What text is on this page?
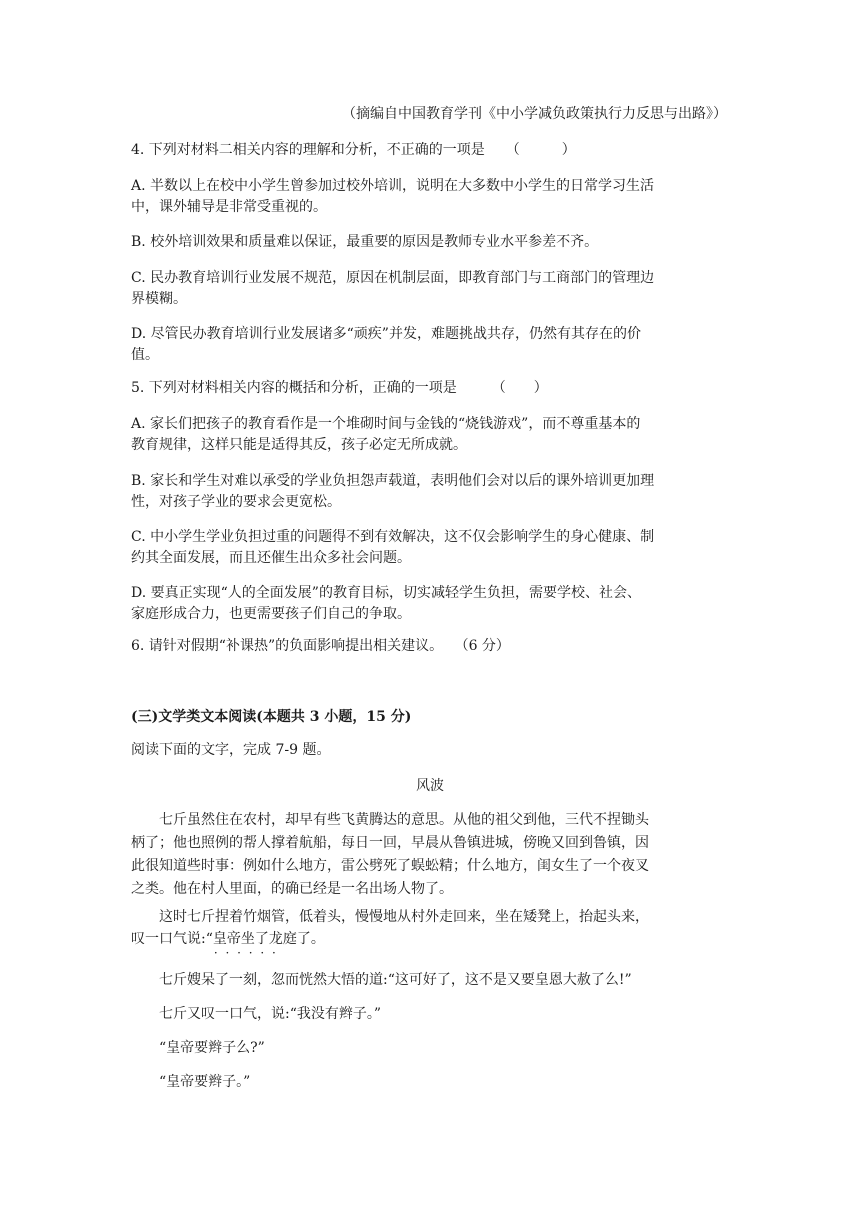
（摘编自中国教育学刊《中小学减负政策执行力反思与出路》）
4. 下列对材料二相关内容的理解和分析，不正确的一项是　　（　　　）
A. 半数以上在校中小学生曾参加过校外培训，说明在大多数中小学生的日常学习生活
中，课外辅导是非常受重视的。
B. 校外培训效果和质量难以保证，最重要的原因是教师专业水平参差不齐。
C. 民办教育培训行业发展不规范，原因在机制层面，即教育部门与工商部门的管理边
界模糊。
D. 尽管民办教育培训行业发展诸多“顽疾”并发，难题挑战共存，仍然有其存在的价
值。
5. 下列对材料相关内容的概括和分析，正确的一项是　　　（　　）
A. 家长们把孩子的教育看作是一个堆砌时间与金钱的“烧钱游戏”，而不尊重基本的
教育规律，这样只能是适得其反，孩子必定无所成就。
B. 家长和学生对难以承受的学业负担怨声载道，表明他们会对以后的课外培训更加理
性，对孩子学业的要求会更宽松。
C. 中小学生学业负担过重的问题得不到有效解决，这不仅会影响学生的身心健康、制
约其全面发展，而且还催生出众多社会问题。
D. 要真正实现“人的全面发展”的教育目标，切实减轻学生负担，需要学校、社会、
家庭形成合力，也更需要孩子们自己的争取。
6. 请针对假期“补课热”的负面影响提出相关建议。　 （6 分）
(三)文学类文本阅读(本题共 3 小题，15 分)
阅读下面的文字，完成 7-9 题。
风波
七斤虽然住在农村，却早有些飞黄腾达的意思。从他的祖父到他，三代不捏锄头
柄了；他也照例的帮人撑着航船，每日一回，早晨从鲁镇进城，傍晚又回到鲁镇，因
此很知道些时事：例如什么地方，雷公劈死了蜈蚣精；什么地方，闺女生了一个夜叉
之类。他在村人里面，的确已经是一名出场人物了。
这时七斤捏着竹烟管，低着头，慢慢地从村外走回来，坐在矮凳上，抬起头来，
叹一口气说:“皇帝坐了龙庭 · · ·了。
七斤嫂呆了一刻，忽而恍然大悟的道:“这可好了，这不是又要皇恩大赦了么!”
七斤又叹一口气，说:“我没有辫子。”
“皇帝要辫子么?”
“皇帝要辫子。”
